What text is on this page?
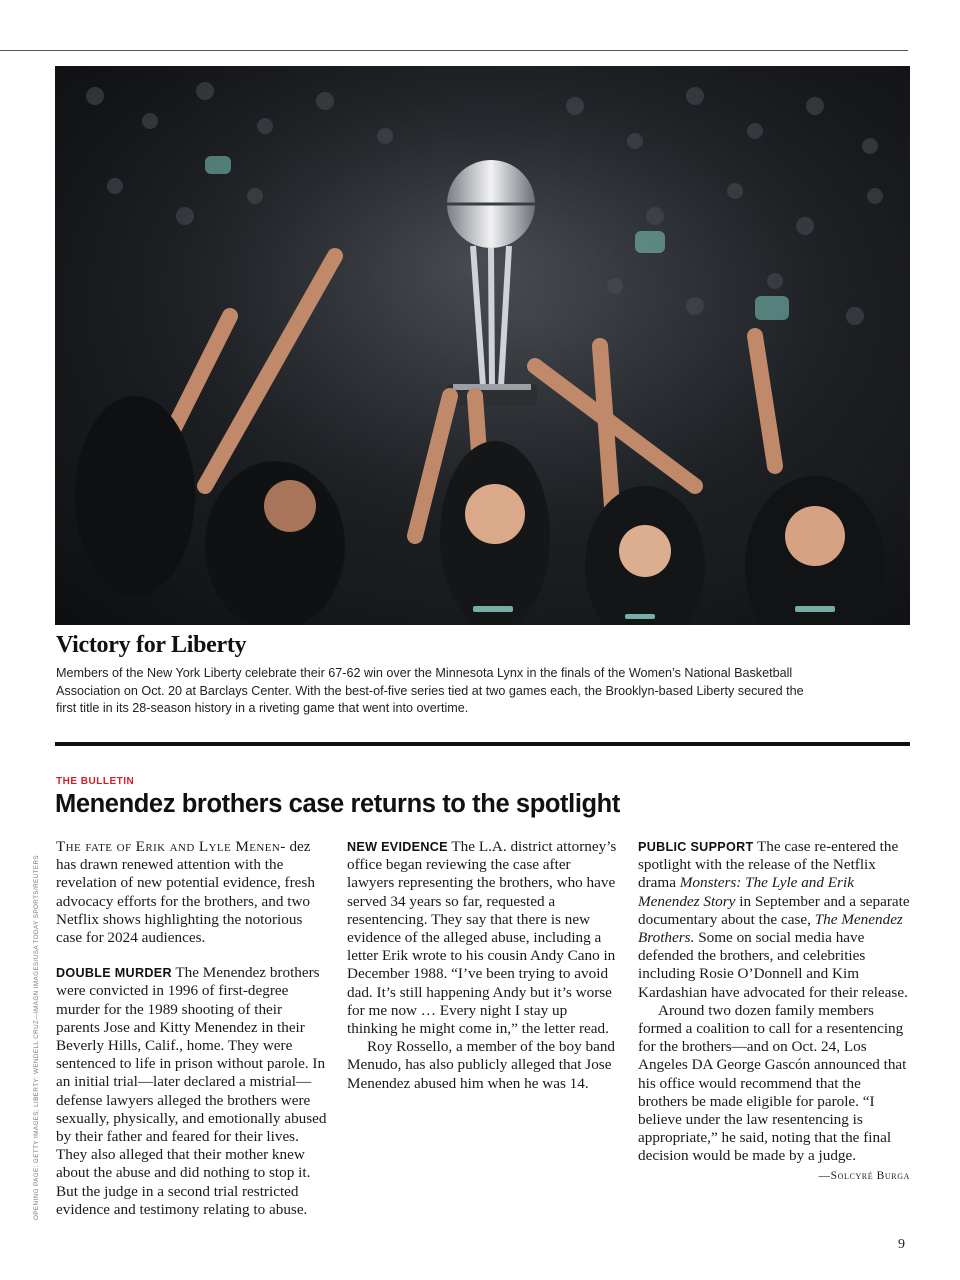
Victory for Liberty

Members of the New York Liberty celebrate their 67-62 win over the Minnesota Lynx in the finals of the Women’s National Basketball Association on Oct. 20 at Barclays Center. With the best-of-five series tied at two games each, the Brooklyn-based Liberty secured the first title in its 28-season history in a riveting game that went into overtime.

THE BULLETIN
Menendez brothers case returns to the spotlight
OPENING PAGE: GETTY IMAGES; LIBERTY: WENDELL CRUZ—IMAGN IMAGES/USA TODAY SPORTS/REUTERS

The fate of Erik and Lyle Menen- dez has drawn renewed attention with the revelation of new potential evidence, fresh advocacy efforts for the brothers, and two Netflix shows highlighting the notorious case for 2024 audiences.

DOUBLE MURDER The Menendez brothers were convicted in 1996 of first-degree murder for the 1989 shooting of their parents Jose and Kitty Menendez in their Beverly Hills, Calif., home. They were sentenced to life in prison without parole. In an initial trial—later declared a mistrial—defense lawyers alleged the brothers were sexually, physically, and emotionally abused by their father and feared for their lives. They also alleged that their mother knew about the abuse and did nothing to stop it. But the judge in a second trial restricted evidence and testimony relating to abuse.

NEW EVIDENCE The L.A. district attorney’s office began reviewing the case after lawyers representing the brothers, who have served 34 years so far, requested a resentencing. They say that there is new evidence of the alleged abuse, including a letter Erik wrote to his cousin Andy Cano in December 1988. “I’ve been trying to avoid dad. It’s still happening Andy but it’s worse for me now … Every night I stay up thinking he might come in,” the letter read.

Roy Rossello, a member of the boy band Menudo, has also publicly alleged that Jose Menendez abused him when he was 14.

PUBLIC SUPPORT The case re-entered the spotlight with the release of the Netflix drama Monsters: The Lyle and Erik Menendez Story in September and a separate documentary about the case, The Menendez Brothers. Some on social media have defended the brothers, and celebrities including Rosie O’Donnell and Kim Kardashian have advocated for their release.

Around two dozen family members formed a coalition to call for a resentencing for the brothers—and on Oct. 24, Los Angeles DA George Gascón announced that his office would recommend that the brothers be made eligible for parole. “I believe under the law resentencing is appropriate,” he said, noting that the final decision would be made by a judge.

—Solcyré Burga

9
